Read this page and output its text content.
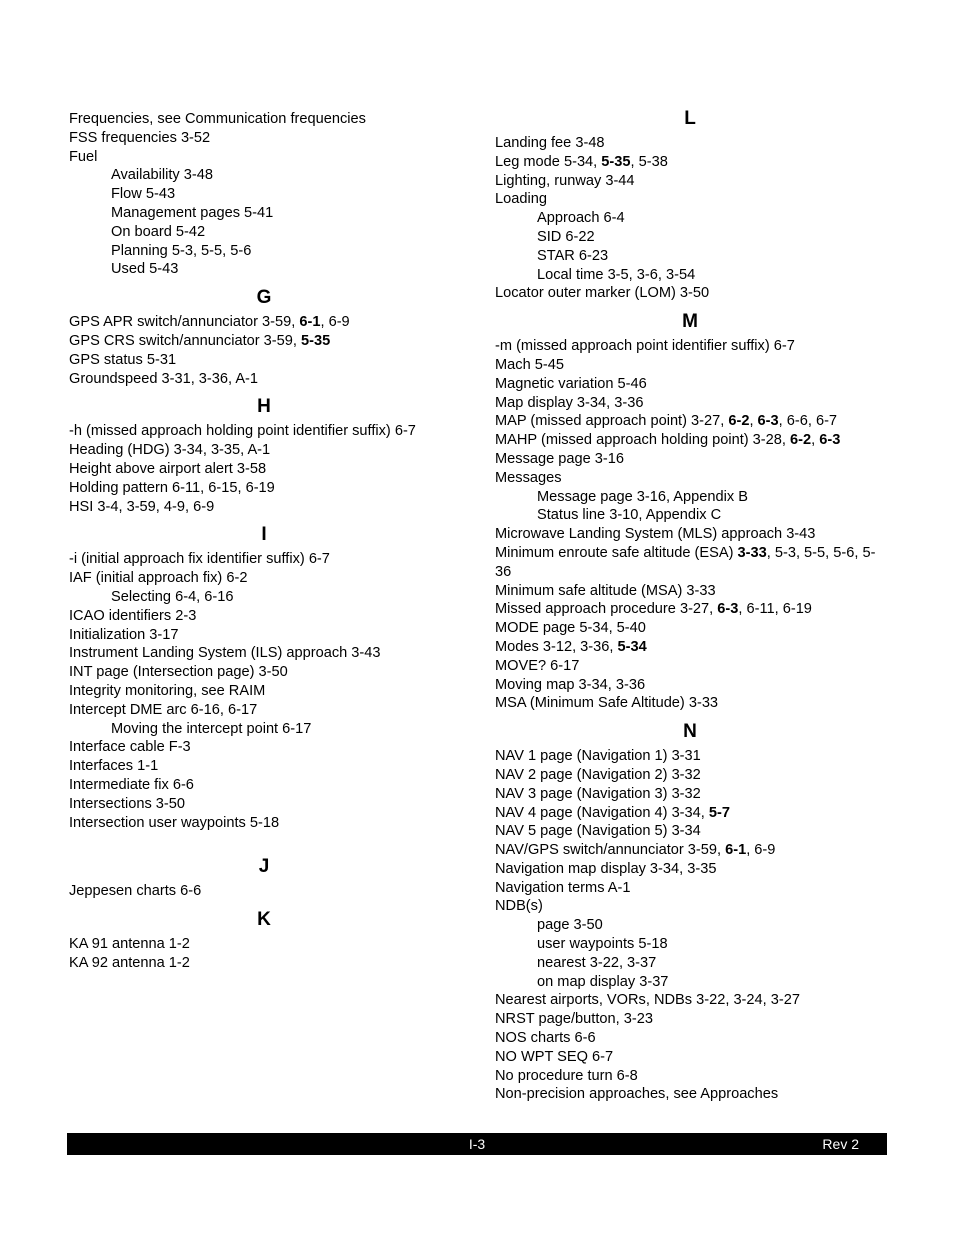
Frequencies, see Communication frequencies
FSS frequencies 3-52
Fuel
Availability 3-48
Flow 5-43
Management pages 5-41
On board 5-42
Planning 5-3, 5-5, 5-6
Used 5-43
G
GPS APR switch/annunciator 3-59, 6-1, 6-9
GPS CRS switch/annunciator 3-59, 5-35
GPS status 5-31
Groundspeed 3-31, 3-36, A-1
H
-h (missed approach holding point identifier suffix) 6-7
Heading (HDG) 3-34, 3-35, A-1
Height above airport alert 3-58
Holding pattern 6-11, 6-15, 6-19
HSI 3-4, 3-59, 4-9, 6-9
I
-i (initial approach fix identifier suffix) 6-7
IAF (initial approach fix) 6-2
Selecting 6-4, 6-16
ICAO identifiers 2-3
Initialization 3-17
Instrument Landing System (ILS) approach 3-43
INT page (Intersection page) 3-50
Integrity monitoring, see RAIM
Intercept DME arc 6-16, 6-17
Moving the intercept point 6-17
Interface cable F-3
Interfaces 1-1
Intermediate fix 6-6
Intersections 3-50
Intersection user waypoints 5-18
J
Jeppesen charts 6-6
K
KA 91 antenna 1-2
KA 92 antenna 1-2
L
Landing fee 3-48
Leg mode 5-34, 5-35, 5-38
Lighting, runway 3-44
Loading
Approach 6-4
SID 6-22
STAR 6-23
Local time 3-5, 3-6, 3-54
Locator outer marker (LOM) 3-50
M
-m (missed approach point identifier suffix) 6-7
Mach 5-45
Magnetic variation 5-46
Map display 3-34, 3-36
MAP (missed approach point) 3-27, 6-2, 6-3, 6-6, 6-7
MAHP (missed approach holding point) 3-28, 6-2, 6-3
Message page 3-16
Messages
Message page 3-16, Appendix B
Status line 3-10, Appendix C
Microwave Landing System (MLS) approach 3-43
Minimum enroute safe altitude (ESA) 3-33, 5-3, 5-5, 5-6, 5-36
Minimum safe altitude (MSA) 3-33
Missed approach procedure 3-27, 6-3, 6-11, 6-19
MODE page 5-34, 5-40
Modes 3-12, 3-36, 5-34
MOVE? 6-17
Moving map 3-34, 3-36
MSA (Minimum Safe Altitude) 3-33
N
NAV 1 page (Navigation 1) 3-31
NAV 2 page (Navigation 2) 3-32
NAV 3 page (Navigation 3) 3-32
NAV 4 page (Navigation 4) 3-34, 5-7
NAV 5 page (Navigation 5) 3-34
NAV/GPS switch/annunciator 3-59, 6-1, 6-9
Navigation map display 3-34, 3-35
Navigation terms A-1
NDB(s)
page 3-50
user waypoints 5-18
nearest 3-22, 3-37
on map display 3-37
Nearest airports, VORs, NDBs 3-22, 3-24, 3-27
NRST page/button, 3-23
NOS charts 6-6
NO WPT SEQ 6-7
No procedure turn 6-8
Non-precision approaches, see Approaches
I-3	Rev 2
